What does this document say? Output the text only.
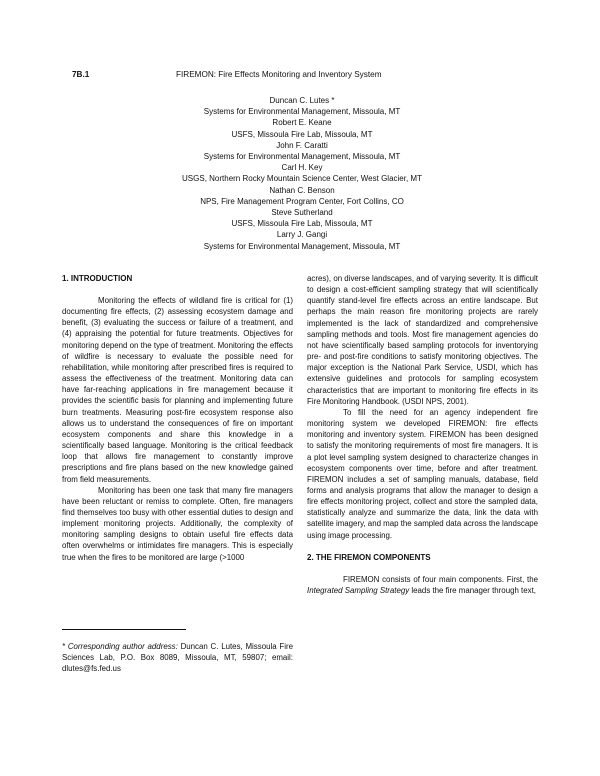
7B.1	FIREMON: Fire Effects Monitoring and Inventory System
Duncan C. Lutes *
Systems for Environmental Management, Missoula, MT
Robert E. Keane
USFS, Missoula Fire Lab, Missoula, MT
John F. Caratti
Systems for Environmental Management, Missoula, MT
Carl H. Key
USGS, Northern Rocky Mountain Science Center, West Glacier, MT
Nathan C. Benson
NPS, Fire Management Program Center, Fort Collins, CO
Steve Sutherland
USFS, Missoula Fire Lab, Missoula, MT
Larry J. Gangi
Systems for Environmental Management, Missoula, MT
1. INTRODUCTION

Monitoring the effects of wildland fire is critical for (1) documenting fire effects, (2) assessing ecosystem damage and benefit, (3) evaluating the success or failure of a treatment, and (4) appraising the potential for future treatments. Objectives for monitoring depend on the type of treatment. Monitoring the effects of wildfire is necessary to evaluate the possible need for rehabilitation, while monitoring after prescribed fires is required to assess the effectiveness of the treatment. Monitoring data can have far-reaching applications in fire management because it provides the scientific basis for planning and implementing future burn treatments. Measuring post-fire ecosystem response also allows us to understand the consequences of fire on important ecosystem components and share this knowledge in a scientifically based language. Monitoring is the critical feedback loop that allows fire management to constantly improve prescriptions and fire plans based on the new knowledge gained from field measurements.

Monitoring has been one task that many fire managers have been reluctant or remiss to complete. Often, fire managers find themselves too busy with other essential duties to design and implement monitoring projects. Additionally, the complexity of monitoring sampling designs to obtain useful fire effects data often overwhelms or intimidates fire managers. This is especially true when the fires to be monitored are large (>1000

* Corresponding author address: Duncan C. Lutes, Missoula Fire Sciences Lab, P.O. Box 8089, Missoula, MT, 59807; email: dlutes@fs.fed.us

acres), on diverse landscapes, and of varying severity. It is difficult to design a cost-efficient sampling strategy that will scientifically quantify stand-level fire effects across an entire landscape. But perhaps the main reason fire monitoring projects are rarely implemented is the lack of standardized and comprehensive sampling methods and tools. Most fire management agencies do not have scientifically based sampling protocols for inventorying pre- and post-fire conditions to satisfy monitoring objectives. The major exception is the National Park Service, USDI, which has extensive guidelines and protocols for sampling ecosystem characteristics that are important to monitoring fire effects in its Fire Monitoring Handbook. (USDI NPS, 2001).

To fill the need for an agency independent fire monitoring system we developed FIREMON: fire effects monitoring and inventory system. FIREMON has been designed to satisfy the monitoring requirements of most fire managers. It is a plot level sampling system designed to characterize changes in ecosystem components over time, before and after treatment. FIREMON includes a set of sampling manuals, database, field forms and analysis programs that allow the manager to design a fire effects monitoring project, collect and store the sampled data, statistically analyze and summarize the data, link the data with satellite imagery, and map the sampled data across the landscape using image processing.

2. THE FIREMON COMPONENTS

FIREMON consists of four main components. First, the Integrated Sampling Strategy leads the fire manager through text,
